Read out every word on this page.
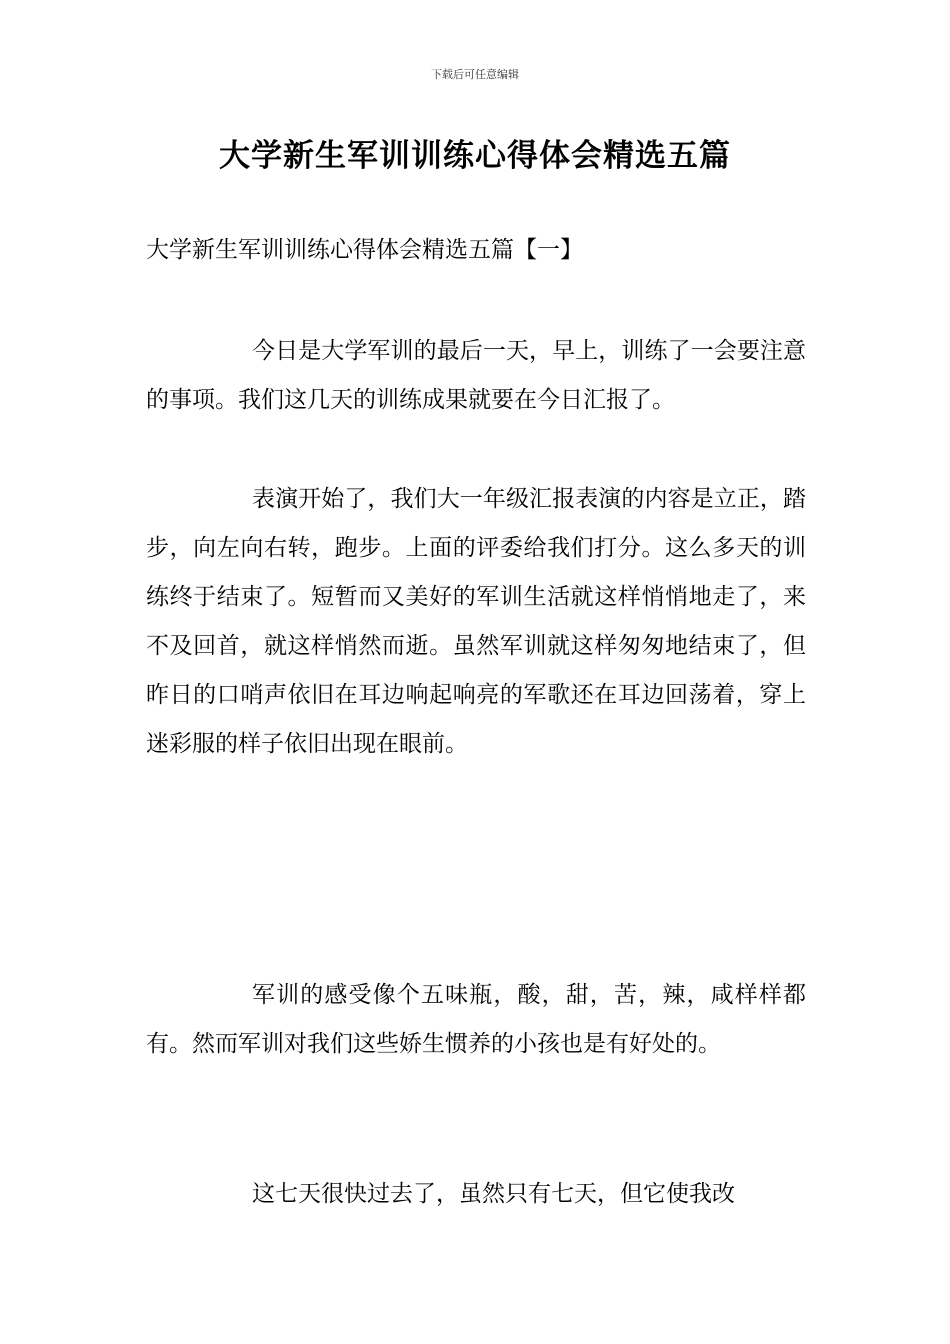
下载后可任意编辑
大学新生军训训练心得体会精选五篇

大学新生军训训练心得体会精选五篇【一】

今日是大学军训的最后一天，早上，训练了一会要注意的事项。我们这几天的训练成果就要在今日汇报了。

表演开始了，我们大一年级汇报表演的内容是立正，踏步，向左向右转，跑步。上面的评委给我们打分。这么多天的训练终于结束了。短暂而又美好的军训生活就这样悄悄地走了，来不及回首，就这样悄然而逝。虽然军训就这样匆匆地结束了，但昨日的口哨声依旧在耳边响起响亮的军歌还在耳边回荡着，穿上迷彩服的样子依旧出现在眼前。

军训的感受像个五味瓶，酸，甜，苦，辣，咸样样都有。然而军训对我们这些娇生惯养的小孩也是有好处的。

这七天很快过去了，虽然只有七天，但它使我改
